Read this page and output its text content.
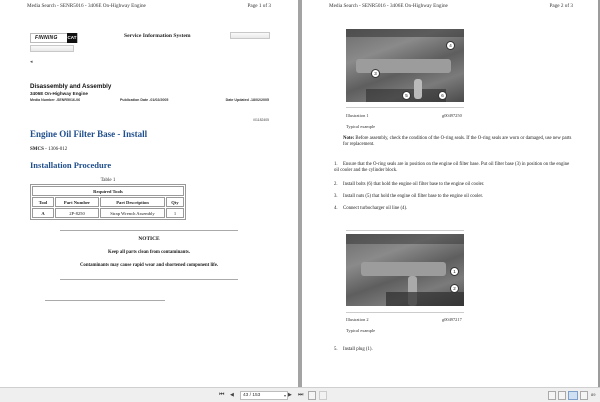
Media Search - SENR5016 - 3406E On-Highway Engine	Page 1 of 3
FINNING CAT	Service Information System
◂
Disassembly and Assembly
3406E On-Highway Engine
Media Number -SENR5016-06	Publication Date -01/02/2005	Date Updated -18/02/2005
i01182405
Engine Oil Filter Base - Install
SMCS - 1306-012
Installation Procedure
Table 1
Required Tools			
Tool	Part Number	Part Description	Qty
A	2P-8250	Strap Wrench Assembly	1
NOTICE
Keep all parts clean from contaminants.
Contaminants may cause rapid wear and shortened component life.
Media Search - SENR5016 - 3406E On-Highway Engine	Page 2 of 3
4
3
5	6
Illustration 1	g00497250
Typical example
Note: Before assembly, check the condition of the O-ring seals. If the O-ring seals are worn or damaged, use new parts for replacement.
1. Ensure that the O-ring seals are in position on the engine oil filter base. Put oil filter base (3) in position on the engine oil cooler and the cylinder block.
2. Install bolts (6) that hold the engine oil filter base to the engine oil cooler.
3. Install nuts (5) that hold the engine oil filter base to the engine oil cooler.
4. Connect turbocharger oil line (4).
1
2
Illustration 2	g00497217
Typical example
5. Install plug (1).
⏮ ◀	43 / 153	▾ ▶ ⏭	89
